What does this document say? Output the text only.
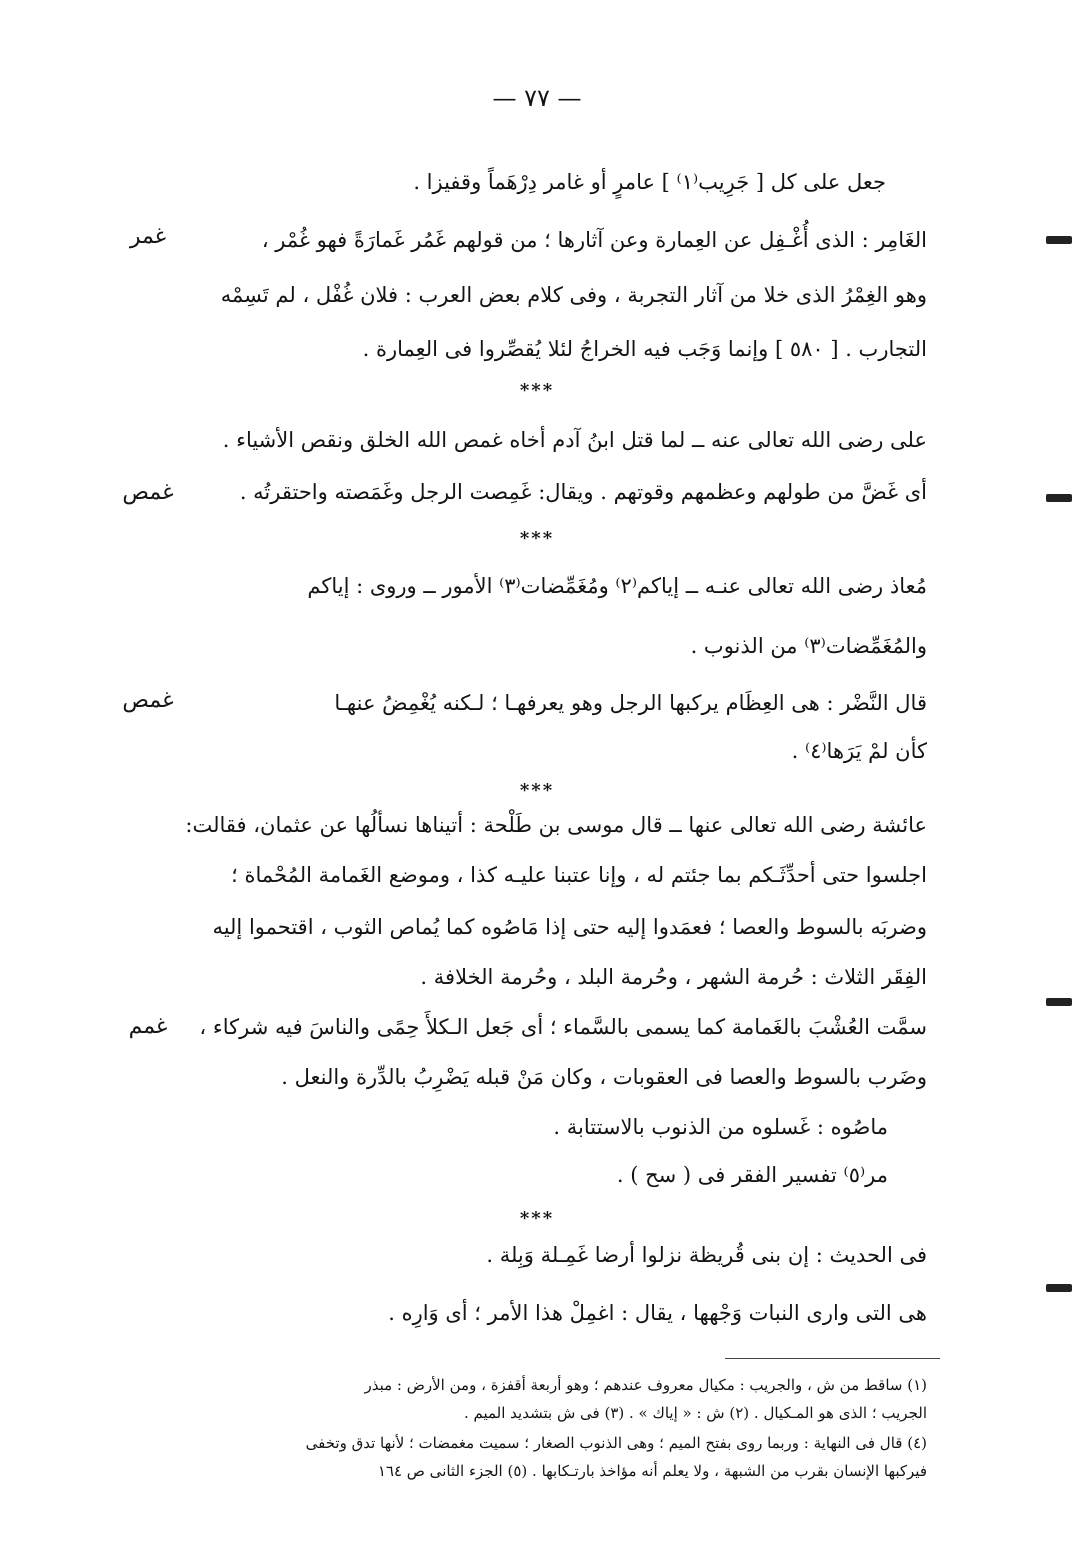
— ٧٧ —
جعل على كل [ جَرِيب⁽١⁾ ] عامرٍ أو غامر دِرْهَماً وقفيزا .
الغَامِر : الذى أُغْـفِل عن العِمارة وعن آثارها ؛ من قولهم غَمُر غَمارَةً فهو غُمْر ،
وهو الغِمْرُ الذى خلا من آثار التجربة ، وفى كلام بعض العرب : فلان غُفْل ، لم تَسِمْه
التجارب . [ ٥٨٠ ] وإنما وَجَب فيه الخراجُ لئلا يُقصِّروا فى العِمارة .
غمر
***
على رضى الله تعالى عنه ــ لما قتل ابنُ آدم أخاه غمص الله الخلق ونقص الأشياء .
أى غَضَّ من طولهم وعظمهم وقوتهم . ويقال: غَمِصت الرجل وغَمَصته واحتقرتُه .
غمص
***
مُعاذ رضى الله تعالى عنـه ــ إياكم⁽٢⁾ ومُغَمِّضات⁽٣⁾ الأمور ــ وروى : إياكم
والمُغَمِّضات⁽٣⁾ من الذنوب .
قال النَّضْر : هى العِظَام يركبها الرجل وهو يعرفهـا ؛ لـكنه يُغْمِضُ عنهـا
كأن لمْ يَرَها⁽٤⁾ .
غمص
***
عائشة رضى الله تعالى عنها ــ قال موسى بن طَلْحة : أتيناها نسألُها عن عثمان، فقالت:
اجلسوا حتى أحدِّثَـكم بما جئتم له ، وإنا عتبنا عليـه كذا ، وموضع الغَمامة المُحْماة ؛
وضربَه بالسوط والعصا ؛ فعمَدوا إليه حتى إذا مَاصُوه كما يُماص الثوب ، اقتحموا إليه
الفِقَر الثلاث : حُرمة الشهر ، وحُرمة البلد ، وحُرمة الخلافة .
سمَّت العُشْبَ بالغَمامة كما يسمى بالسَّماء ؛ أى جَعل الـكلأَ حِمًى والناسَ فيه شركاء ،
وضَرب بالسوط والعصا فى العقوبات ، وكان مَنْ قبله يَضْرِبُ بالدِّرة والنعل .
ماصُوه : غَسلوه من الذنوب بالاستتابة .
مر⁽٥⁾ تفسير الفقر فى ( سح ) .
غمم
***
فى الحديث : إن بنى قُريظة نزلوا أرضا غَمِـلة وَبِلة .
هى التى وارى النبات وَجْهها ، يقال : اغمِلْ هذا الأمر ؛ أى وَارِه .
(١) ساقط من ش ، والجريب : مكيال معروف عندهم ؛ وهو أربعة أقفزة ، ومن الأرض : مبذر
الجريب ؛ الذى هو المـكيال . (٢) ش : « إياك » . (٣) فى ش بتشديد الميم .
(٤) قال فى النهاية : وربما روى بفتح الميم ؛ وهى الذنوب الصغار ؛ سميت مغمضات ؛ لأنها تدق وتخفى
فيركبها الإنسان بقرب من الشبهة ، ولا يعلم أنه مؤاخذ بارتـكابها . (٥) الجزء الثانى ص ١٦٤
